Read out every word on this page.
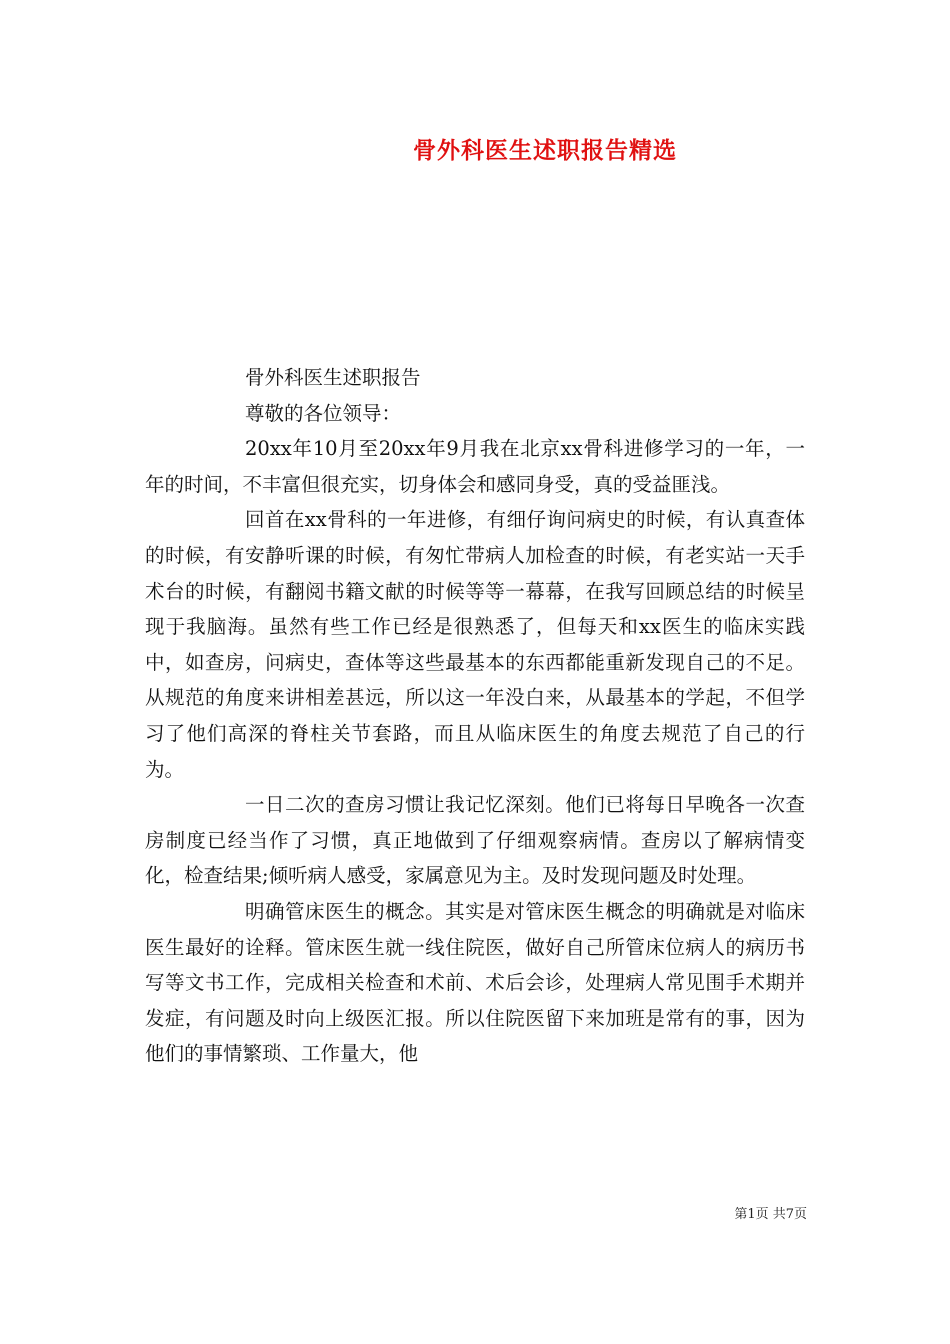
骨外科医生述职报告精选

骨外科医生述职报告

尊敬的各位领导：

20xx年10月至20xx年9月我在北京xx骨科进修学习的一年，一年的时间，不丰富但很充实，切身体会和感同身受，真的受益匪浅。

回首在xx骨科的一年进修，有细仔询问病史的时候，有认真查体的时候，有安静听课的时候，有匆忙带病人加检查的时候，有老实站一天手术台的时候，有翻阅书籍文献的时候等等一幕幕，在我写回顾总结的时候呈现于我脑海。虽然有些工作已经是很熟悉了，但每天和xx医生的临床实践中，如查房，问病史，查体等这些最基本的东西都能重新发现自己的不足。从规范的角度来讲相差甚远，所以这一年没白来，从最基本的学起，不但学习了他们高深的脊柱关节套路，而且从临床医生的角度去规范了自己的行为。

一日二次的查房习惯让我记忆深刻。他们已将每日早晚各一次查房制度已经当作了习惯，真正地做到了仔细观察病情。查房以了解病情变化，检查结果;倾听病人感受，家属意见为主。及时发现问题及时处理。

明确管床医生的概念。其实是对管床医生概念的明确就是对临床医生最好的诠释。管床医生就一线住院医，做好自己所管床位病人的病历书写等文书工作，完成相关检查和术前、术后会诊，处理病人常见围手术期并发症，有问题及时向上级医汇报。所以住院医留下来加班是常有的事，因为他们的事情繁琐、工作量大，他

第1页 共7页
